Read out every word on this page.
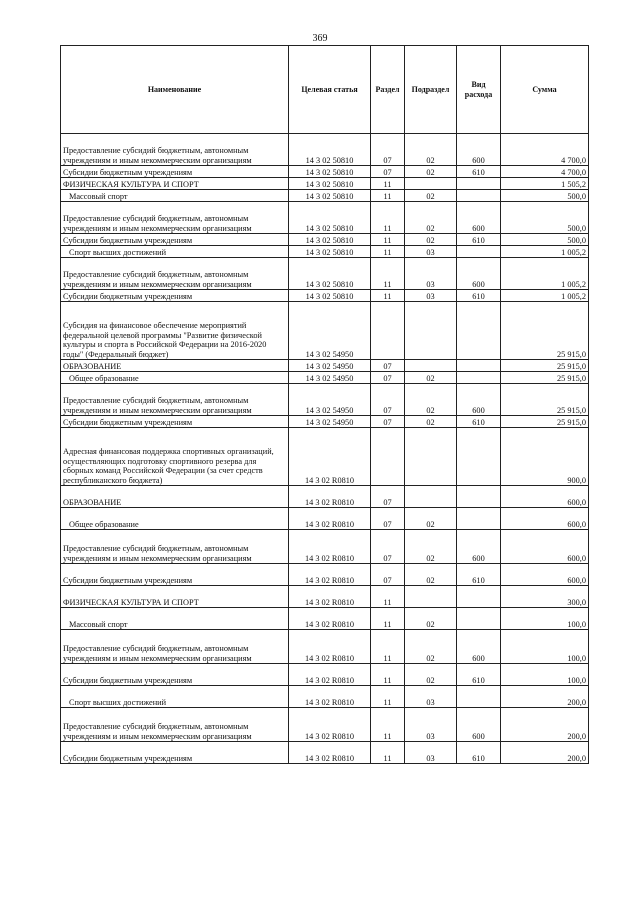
369
Наименование	Целевая статья	Раздел	Подраздел	Вид расхода	Сумма
Предоставление субсидий бюджетным, автономным учреждениям и иным некоммерческим организациям	14 3 02 50810	07	02	600	4 700,0
Субсидии бюджетным учреждениям	14 3 02 50810	07	02	610	4 700,0
ФИЗИЧЕСКАЯ КУЛЬТУРА И СПОРТ	14 3 02 50810	11			1 505,2
Массовый спорт	14 3 02 50810	11	02		500,0
Предоставление субсидий бюджетным, автономным учреждениям и иным некоммерческим организациям	14 3 02 50810	11	02	600	500,0
Субсидии бюджетным учреждениям	14 3 02 50810	11	02	610	500,0
Спорт высших достижений	14 3 02 50810	11	03		1 005,2
Предоставление субсидий бюджетным, автономным учреждениям и иным некоммерческим организациям	14 3 02 50810	11	03	600	1 005,2
Субсидии бюджетным учреждениям	14 3 02 50810	11	03	610	1 005,2
Субсидия на финансовое обеспечение мероприятий федеральной целевой программы "Развитие физической культуры и спорта в Российской Федерации на 2016-2020 годы" (Федеральный бюджет)	14 3 02 54950				25 915,0
ОБРАЗОВАНИЕ	14 3 02 54950	07			25 915,0
Общее образование	14 3 02 54950	07	02		25 915,0
Предоставление субсидий бюджетным, автономным учреждениям и иным некоммерческим организациям	14 3 02 54950	07	02	600	25 915,0
Субсидии бюджетным учреждениям	14 3 02 54950	07	02	610	25 915,0
Адресная финансовая поддержка спортивных организаций, осуществляющих подготовку спортивного резерва для сборных команд Российской Федерации (за счет средств республиканского бюджета)	14 3 02 R0810				900,0
ОБРАЗОВАНИЕ	14 3 02 R0810	07			600,0
Общее образование	14 3 02 R0810	07	02		600,0
Предоставление субсидий бюджетным, автономным учреждениям и иным некоммерческим организациям	14 3 02 R0810	07	02	600	600,0
Субсидии бюджетным учреждениям	14 3 02 R0810	07	02	610	600,0
ФИЗИЧЕСКАЯ КУЛЬТУРА И СПОРТ	14 3 02 R0810	11			300,0
Массовый спорт	14 3 02 R0810	11	02		100,0
Предоставление субсидий бюджетным, автономным учреждениям и иным некоммерческим организациям	14 3 02 R0810	11	02	600	100,0
Субсидии бюджетным учреждениям	14 3 02 R0810	11	02	610	100,0
Спорт высших достижений	14 3 02 R0810	11	03		200,0
Предоставление субсидий бюджетным, автономным учреждениям и иным некоммерческим организациям	14 3 02 R0810	11	03	600	200,0
Субсидии бюджетным учреждениям	14 3 02 R0810	11	03	610	200,0
